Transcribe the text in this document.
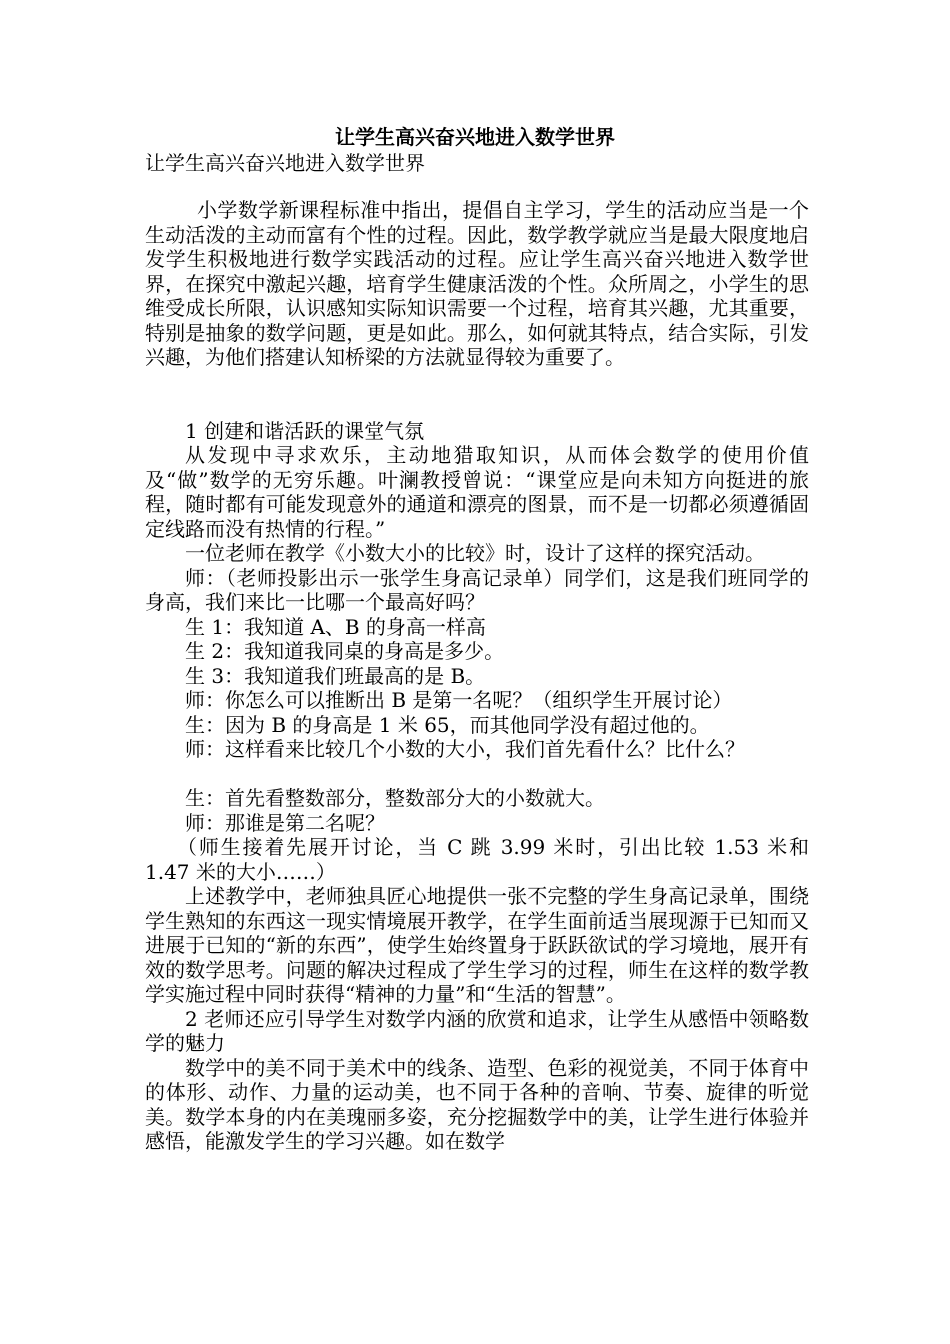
让学生高兴奋兴地进入数学世界
让学生高兴奋兴地进入数学世界

小学数学新课程标准中指出，提倡自主学习，学生的活动应当是一个生动活泼的主动而富有个性的过程。因此，数学教学就应当是最大限度地启发学生积极地进行数学实践活动的过程。应让学生高兴奋兴地进入数学世界，在探究中激起兴趣，培育学生健康活泼的个性。众所周之，小学生的思维受成长所限，认识感知实际知识需要一个过程，培育其兴趣，尤其重要，特别是抽象的数学问题，更是如此。那么，如何就其特点，结合实际，引发兴趣，为他们搭建认知桥梁的方法就显得较为重要了。

1 创建和谐活跃的课堂气氛

从发现中寻求欢乐，主动地猎取知识，从而体会数学的使用价值及“做”数学的无穷乐趣。叶澜教授曾说：“课堂应是向未知方向挺进的旅程，随时都有可能发现意外的通道和漂亮的图景，而不是一切都必须遵循固定线路而没有热情的行程。”

一位老师在教学《小数大小的比较》时，设计了这样的探究活动。

师：（老师投影出示一张学生身高记录单）同学们，这是我们班同学的身高，我们来比一比哪一个最高好吗？

生 1：我知道 A、B 的身高一样高

生 2：我知道我同桌的身高是多少。

生 3：我知道我们班最高的是 B。

师：你怎么可以推断出 B 是第一名呢？（组织学生开展讨论）

生：因为 B 的身高是 1 米 65，而其他同学没有超过他的。

师：这样看来比较几个小数的大小，我们首先看什么？比什么？

生：首先看整数部分，整数部分大的小数就大。

师：那谁是第二名呢？

（师生接着先展开讨论，当 C 跳 3.99 米时，引出比较 1.53 米和 1.47 米的大小……）

上述教学中，老师独具匠心地提供一张不完整的学生身高记录单，围绕学生熟知的东西这一现实情境展开教学，在学生面前适当展现源于已知而又进展于已知的“新的东西”，使学生始终置身于跃跃欲试的学习境地，展开有效的数学思考。问题的解决过程成了学生学习的过程，师生在这样的数学教学实施过程中同时获得“精神的力量”和“生活的智慧”。

2 老师还应引导学生对数学内涵的欣赏和追求，让学生从感悟中领略数学的魅力

数学中的美不同于美术中的线条、造型、色彩的视觉美，不同于体育中的体形、动作、力量的运动美，也不同于各种的音响、节奏、旋律的听觉美。数学本身的内在美瑰丽多姿，充分挖掘数学中的美，让学生进行体验并感悟，能激发学生的学习兴趣。如在数学
